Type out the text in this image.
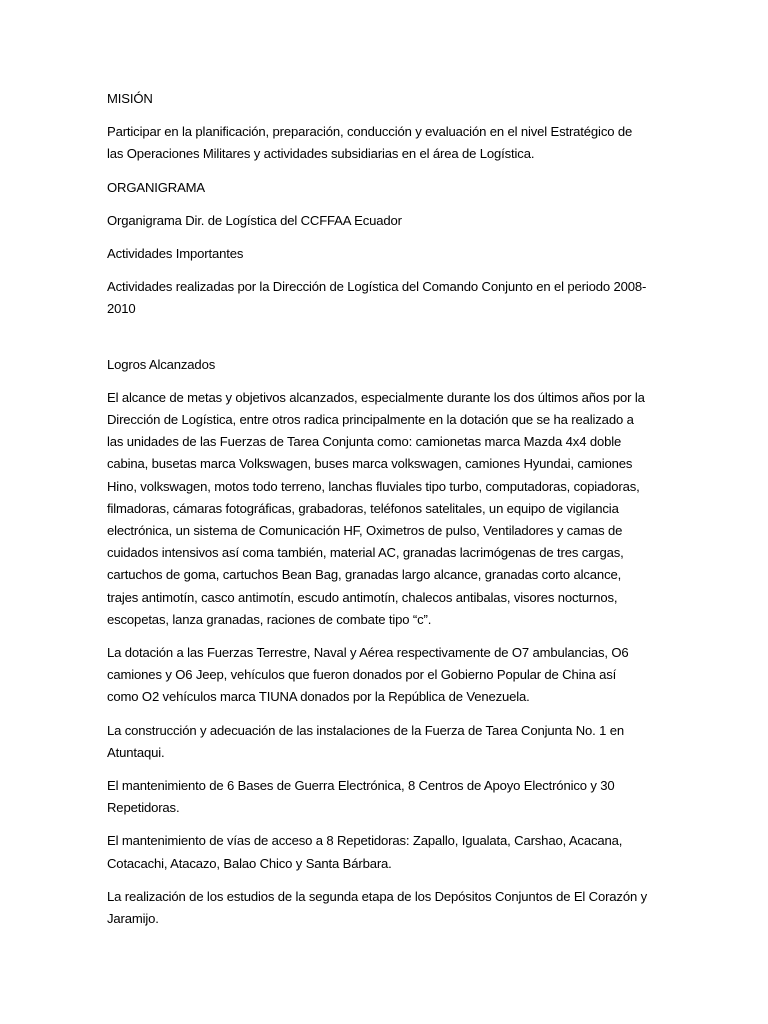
MISIÓN

Participar en la planificación, preparación, conducción y evaluación en el nivel Estratégico de las Operaciones Militares y actividades subsidiarias en el área de Logística.

ORGANIGRAMA

Organigrama Dir. de Logística del CCFFAA Ecuador

Actividades Importantes

Actividades realizadas por la Dirección de Logística del Comando Conjunto en el periodo 2008-2010

Logros Alcanzados

El alcance de metas y objetivos alcanzados, especialmente durante los dos últimos años por la Dirección de Logística, entre otros radica principalmente en la dotación que se ha realizado a las unidades de las Fuerzas de Tarea Conjunta como: camionetas marca Mazda 4x4 doble cabina, busetas marca Volkswagen, buses marca volkswagen, camiones Hyundai, camiones Hino, volkswagen, motos todo terreno, lanchas fluviales tipo turbo, computadoras, copiadoras, filmadoras, cámaras fotográficas, grabadoras, teléfonos satelitales, un equipo de vigilancia electrónica, un sistema de Comunicación HF, Oximetros de pulso, Ventiladores y camas de cuidados intensivos así coma también, material AC, granadas lacrimógenas de tres cargas, cartuchos de goma, cartuchos Bean Bag, granadas largo alcance, granadas corto alcance, trajes antimotín, casco antimotín, escudo antimotín, chalecos antibalas, visores nocturnos, escopetas, lanza granadas, raciones de combate tipo “c”.

La dotación a las Fuerzas Terrestre, Naval y Aérea respectivamente de O7 ambulancias, O6 camiones y O6 Jeep, vehículos que fueron donados por el Gobierno Popular de China así como O2 vehículos marca TIUNA donados por la República de Venezuela.

La construcción y adecuación de las instalaciones de la Fuerza de Tarea Conjunta No. 1 en Atuntaqui.

El mantenimiento de 6 Bases de Guerra Electrónica, 8 Centros de Apoyo Electrónico y 30 Repetidoras.

El mantenimiento de vías de acceso a 8 Repetidoras: Zapallo, Igualata, Carshao, Acacana, Cotacachi, Atacazo, Balao Chico y Santa Bárbara.

La realización de los estudios de la segunda etapa de los Depósitos Conjuntos de El Corazón y Jaramijo.
